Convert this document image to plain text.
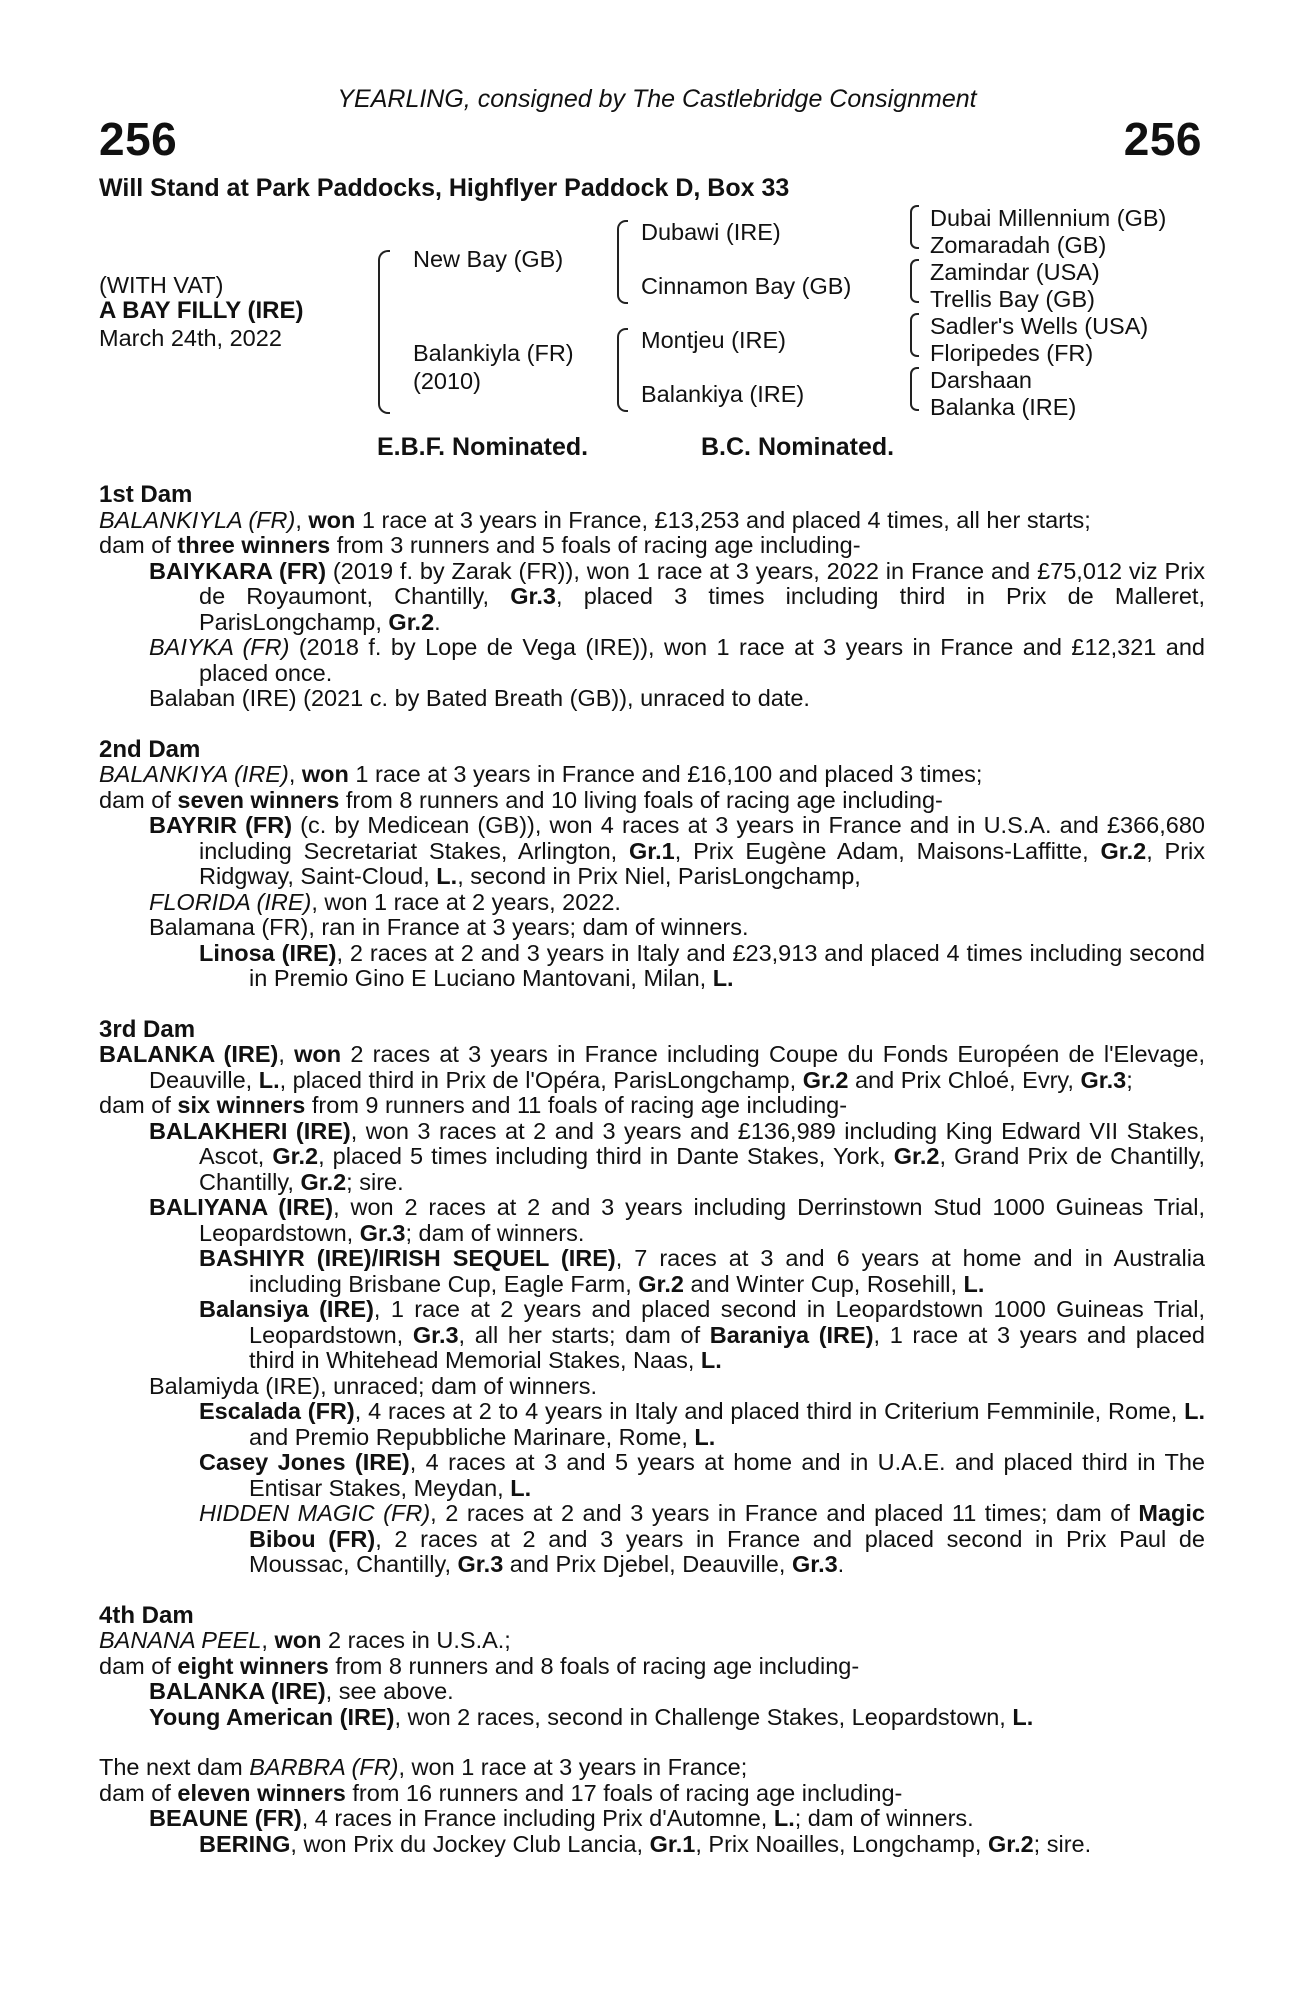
YEARLING, consigned by The Castlebridge Consignment
256	256
Will Stand at Park Paddocks, Highflyer Paddock D, Box 33
(WITH VAT)
A BAY FILLY (IRE)
March 24th, 2022
New Bay (GB)
Balankiyla (FR)
(2010)
Dubawi (IRE)
Cinnamon Bay (GB)
Montjeu (IRE)
Balankiya (IRE)
Dubai Millennium (GB)
Zomaradah (GB)
Zamindar (USA)
Trellis Bay (GB)
Sadler's Wells (USA)
Floripedes (FR)
Darshaan
Balanka (IRE)
E.B.F. Nominated.	B.C. Nominated.

1st Dam

BALANKIYLA (FR), won 1 race at 3 years in France, £13,253 and placed 4 times, all her starts;

dam of three winners from 3 runners and 5 foals of racing age including-

BAIYKARA (FR) (2019 f. by Zarak (FR)), won 1 race at 3 years, 2022 in France and £75,012 viz Prix de Royaumont, Chantilly, Gr.3, placed 3 times including third in Prix de Malleret, ParisLongchamp, Gr.2.

BAIYKA (FR) (2018 f. by Lope de Vega (IRE)), won 1 race at 3 years in France and £12,321 and placed once.

Balaban (IRE) (2021 c. by Bated Breath (GB)), unraced to date.

2nd Dam

BALANKIYA (IRE), won 1 race at 3 years in France and £16,100 and placed 3 times;

dam of seven winners from 8 runners and 10 living foals of racing age including-

BAYRIR (FR) (c. by Medicean (GB)), won 4 races at 3 years in France and in U.S.A. and £366,680 including Secretariat Stakes, Arlington, Gr.1, Prix Eugène Adam, Maisons-Laffitte, Gr.2, Prix Ridgway, Saint-Cloud, L., second in Prix Niel, ParisLongchamp,

FLORIDA (IRE), won 1 race at 2 years, 2022.

Balamana (FR), ran in France at 3 years; dam of winners.

Linosa (IRE), 2 races at 2 and 3 years in Italy and £23,913 and placed 4 times including second in Premio Gino E Luciano Mantovani, Milan, L.

3rd Dam

BALANKA (IRE), won 2 races at 3 years in France including Coupe du Fonds Européen de l'Elevage, Deauville, L., placed third in Prix de l'Opéra, ParisLongchamp, Gr.2 and Prix Chloé, Evry, Gr.3;

dam of six winners from 9 runners and 11 foals of racing age including-

BALAKHERI (IRE), won 3 races at 2 and 3 years and £136,989 including King Edward VII Stakes, Ascot, Gr.2, placed 5 times including third in Dante Stakes, York, Gr.2, Grand Prix de Chantilly, Chantilly, Gr.2; sire.

BALIYANA (IRE), won 2 races at 2 and 3 years including Derrinstown Stud 1000 Guineas Trial, Leopardstown, Gr.3; dam of winners.

BASHIYR (IRE)/IRISH SEQUEL (IRE), 7 races at 3 and 6 years at home and in Australia including Brisbane Cup, Eagle Farm, Gr.2 and Winter Cup, Rosehill, L.

Balansiya (IRE), 1 race at 2 years and placed second in Leopardstown 1000 Guineas Trial, Leopardstown, Gr.3, all her starts; dam of Baraniya (IRE), 1 race at 3 years and placed third in Whitehead Memorial Stakes, Naas, L.

Balamiyda (IRE), unraced; dam of winners.

Escalada (FR), 4 races at 2 to 4 years in Italy and placed third in Criterium Femminile, Rome, L. and Premio Repubbliche Marinare, Rome, L.

Casey Jones (IRE), 4 races at 3 and 5 years at home and in U.A.E. and placed third in The Entisar Stakes, Meydan, L.

HIDDEN MAGIC (FR), 2 races at 2 and 3 years in France and placed 11 times; dam of Magic Bibou (FR), 2 races at 2 and 3 years in France and placed second in Prix Paul de Moussac, Chantilly, Gr.3 and Prix Djebel, Deauville, Gr.3.

4th Dam

BANANA PEEL, won 2 races in U.S.A.;

dam of eight winners from 8 runners and 8 foals of racing age including-

BALANKA (IRE), see above.

Young American (IRE), won 2 races, second in Challenge Stakes, Leopardstown, L.

The next dam BARBRA (FR), won 1 race at 3 years in France;

dam of eleven winners from 16 runners and 17 foals of racing age including-

BEAUNE (FR), 4 races in France including Prix d'Automne, L.; dam of winners.

BERING, won Prix du Jockey Club Lancia, Gr.1, Prix Noailles, Longchamp, Gr.2; sire.
